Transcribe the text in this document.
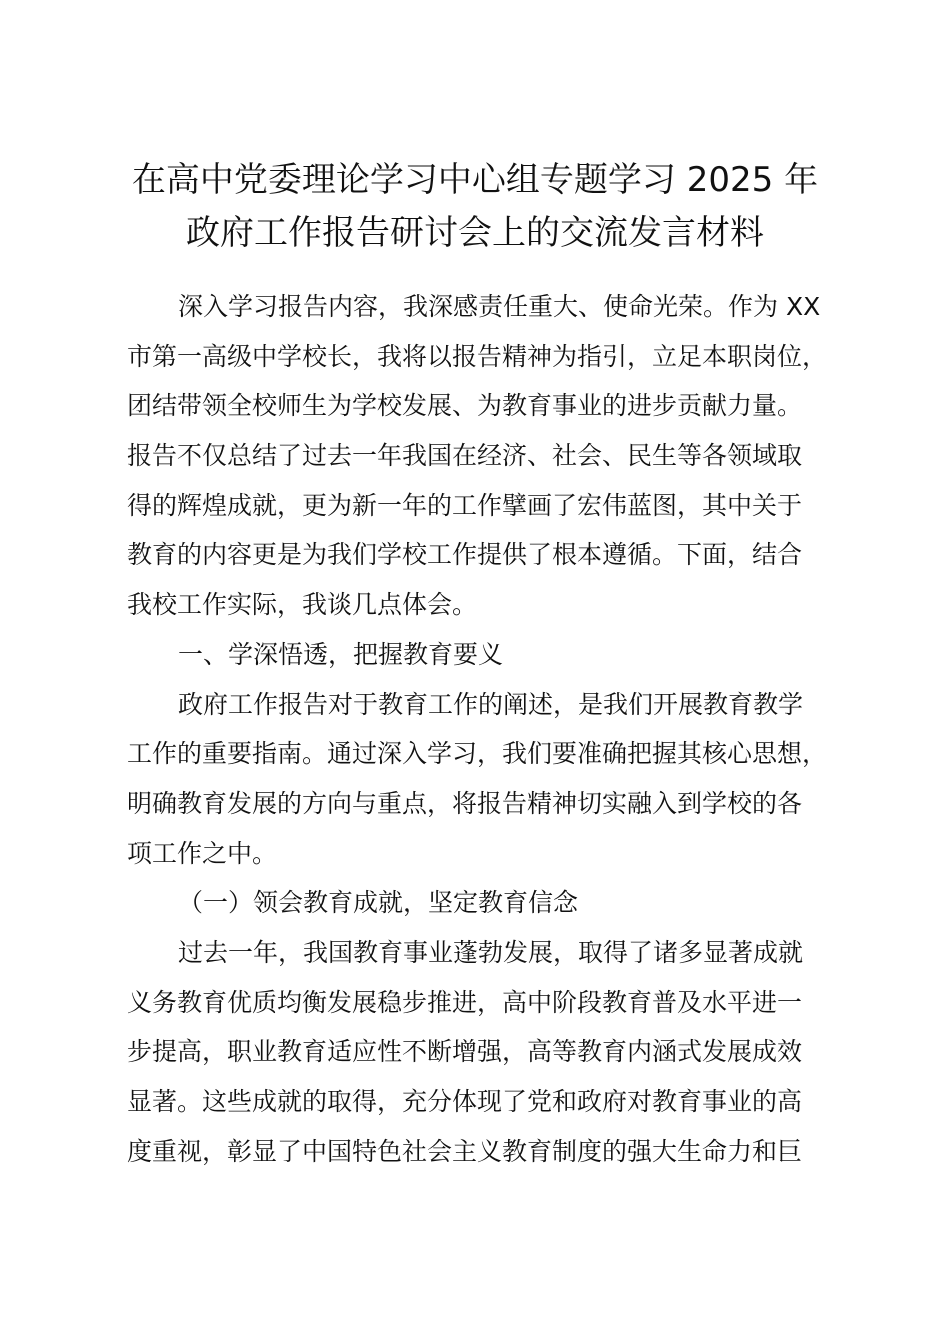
在高中党委理论学习中心组专题学习 2025 年
政府工作报告研讨会上的交流发言材料
深入学习报告内容，我深感责任重大、使命光荣。作为 XX
市第一高级中学校长，我将以报告精神为指引，立足本职岗位，
团结带领全校师生为学校发展、为教育事业的进步贡献力量。
报告不仅总结了过去一年我国在经济、社会、民生等各领域取
得的辉煌成就，更为新一年的工作擘画了宏伟蓝图，其中关于
教育的内容更是为我们学校工作提供了根本遵循。下面，结合
我校工作实际，我谈几点体会。
一、学深悟透，把握教育要义
政府工作报告对于教育工作的阐述，是我们开展教育教学
工作的重要指南。通过深入学习，我们要准确把握其核心思想，
明确教育发展的方向与重点，将报告精神切实融入到学校的各
项工作之中。
（一）领会教育成就，坚定教育信念
过去一年，我国教育事业蓬勃发展，取得了诸多显著成就
义务教育优质均衡发展稳步推进，高中阶段教育普及水平进一
步提高，职业教育适应性不断增强，高等教育内涵式发展成效
显著。这些成就的取得，充分体现了党和政府对教育事业的高
度重视，彰显了中国特色社会主义教育制度的强大生命力和巨
